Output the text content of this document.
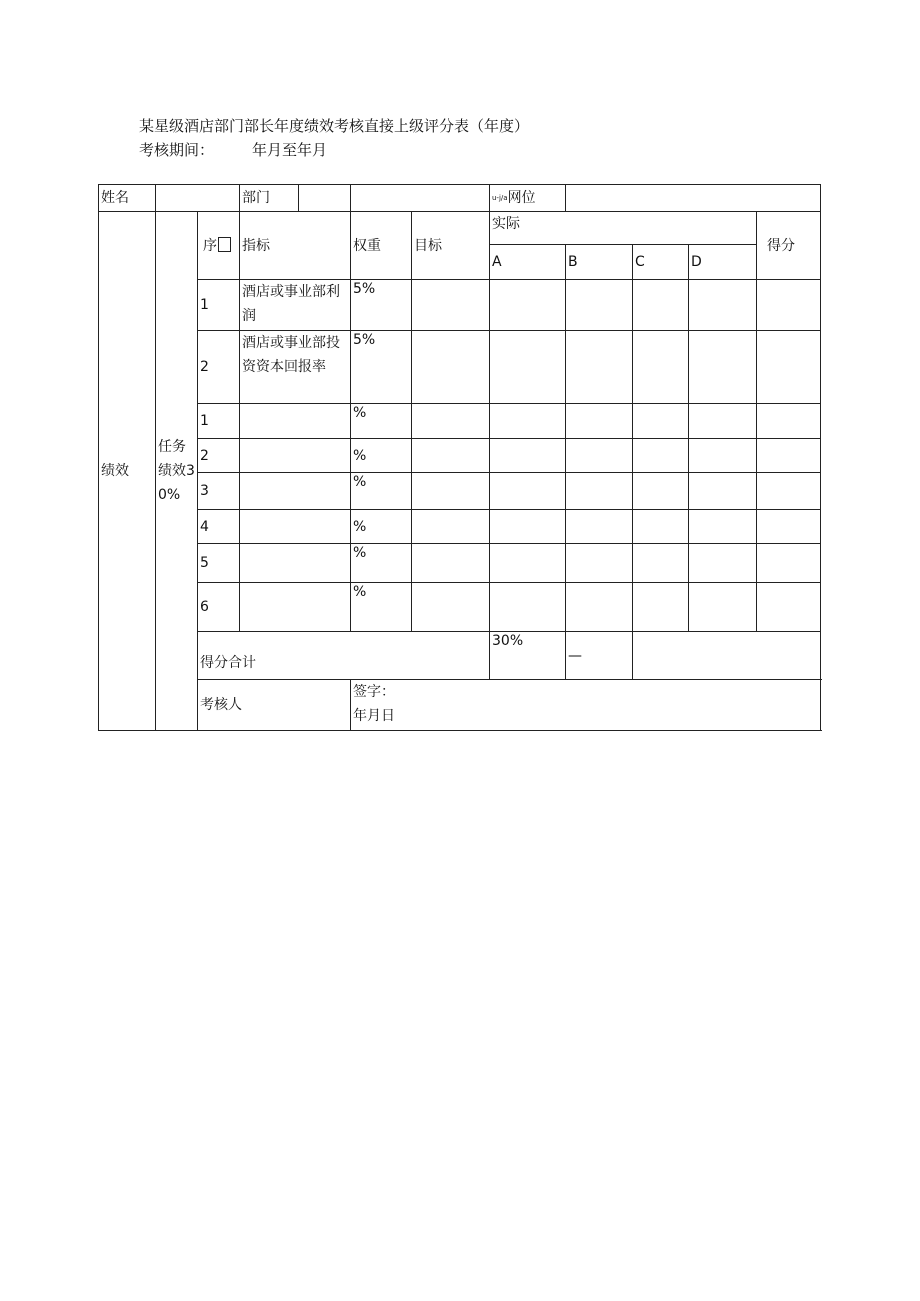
某星级酒店部门部长年度绩效考核直接上级评分表（年度）
考核期间：	年月至年月
姓名			部门			u-j/a网位					
绩效	任务绩效30%	序	指标	权重	目标	实际				得分	
						A	B	C	D		
		1	酒店或事业部利润	5%							
		2	酒店或事业部投资资本回报率	5%							
		1		%							
		2		%							
		3		%							
		4		%							
		5		%							
		6		%							
		得分合计				30%	—				
		考核人		签字：
年月日							
